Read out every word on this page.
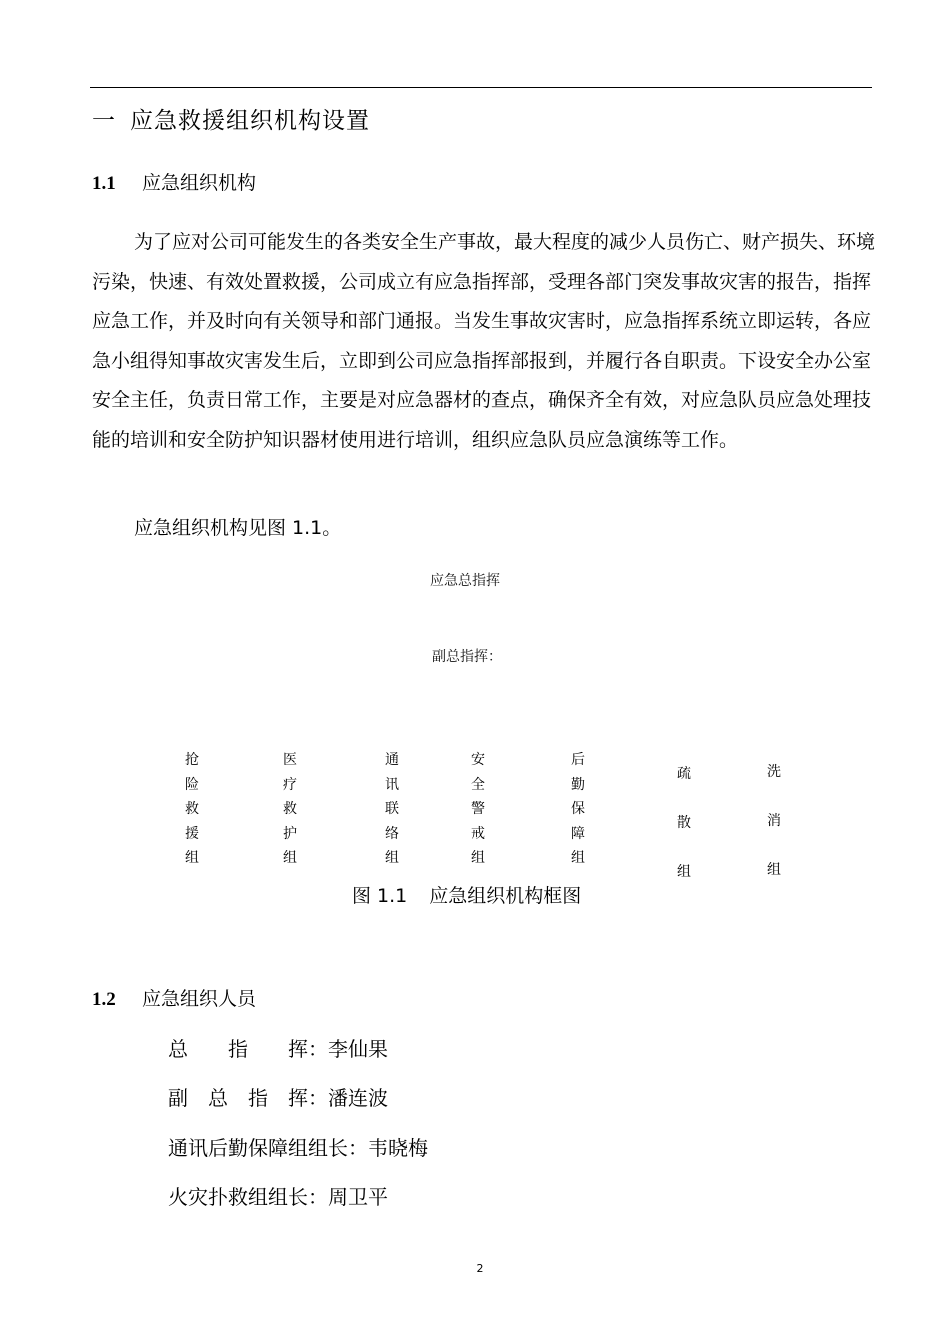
一 应急救援组织机构设置
1.1 应急组织机构

为了应对公司可能发生的各类安全生产事故，最大程度的减少人员伤亡、财产损失、环境污染，快速、有效处置救援，公司成立有应急指挥部，受理各部门突发事故灾害的报告，指挥应急工作，并及时向有关领导和部门通报。当发生事故灾害时，应急指挥系统立即运转，各应急小组得知事故灾害发生后，立即到公司应急指挥部报到，并履行各自职责。下设安全办公室安全主任，负责日常工作，主要是对应急器材的查点，确保齐全有效，对应急队员应急处理技能的培训和安全防护知识器材使用进行培训，组织应急队员应急演练等工作。

应急组织机构见图 1.1。
应急总指挥
副总指挥：
抢
险
救
援
组
医
疗
救
护
组
通
讯
联
络
组
安
全
警
戒
组
后
勤
保
障
组
疏
散
组
洗
消
组
图 1.1 应急组织机构框图
1.2 应急组织人员
总　　指　　挥：李仙果
副　总　指　挥：潘连波
通讯后勤保障组组长：韦晓梅
火灾扑救组组长：周卫平
2
